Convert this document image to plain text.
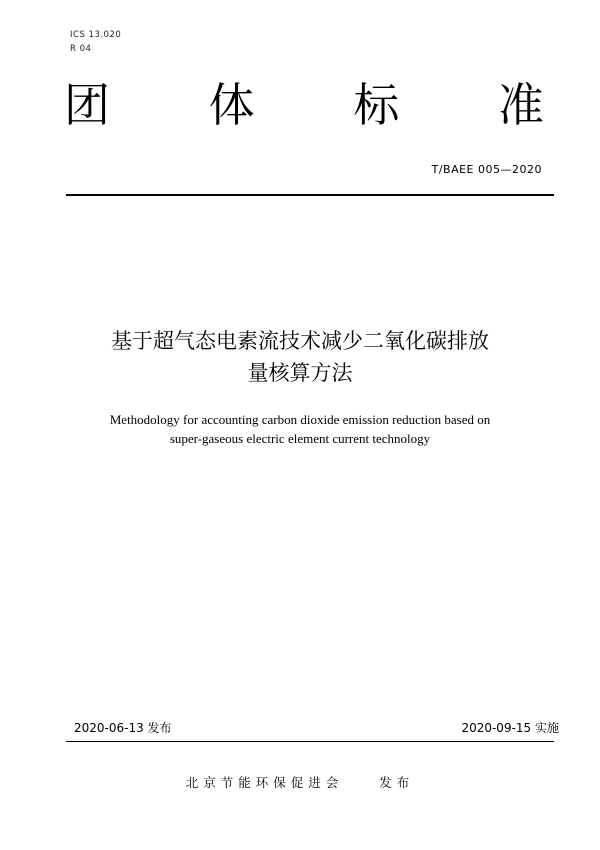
ICS 13.020
R 04
团 体 标 准
T/BAEE 005—2020
基于超气态电素流技术减少二氧化碳排放
量核算方法
Methodology for accounting carbon dioxide emission reduction based on
super-gaseous electric element current technology
2020-06-13 发布	2020-09-15 实施
北京节能环保促进会    发布
